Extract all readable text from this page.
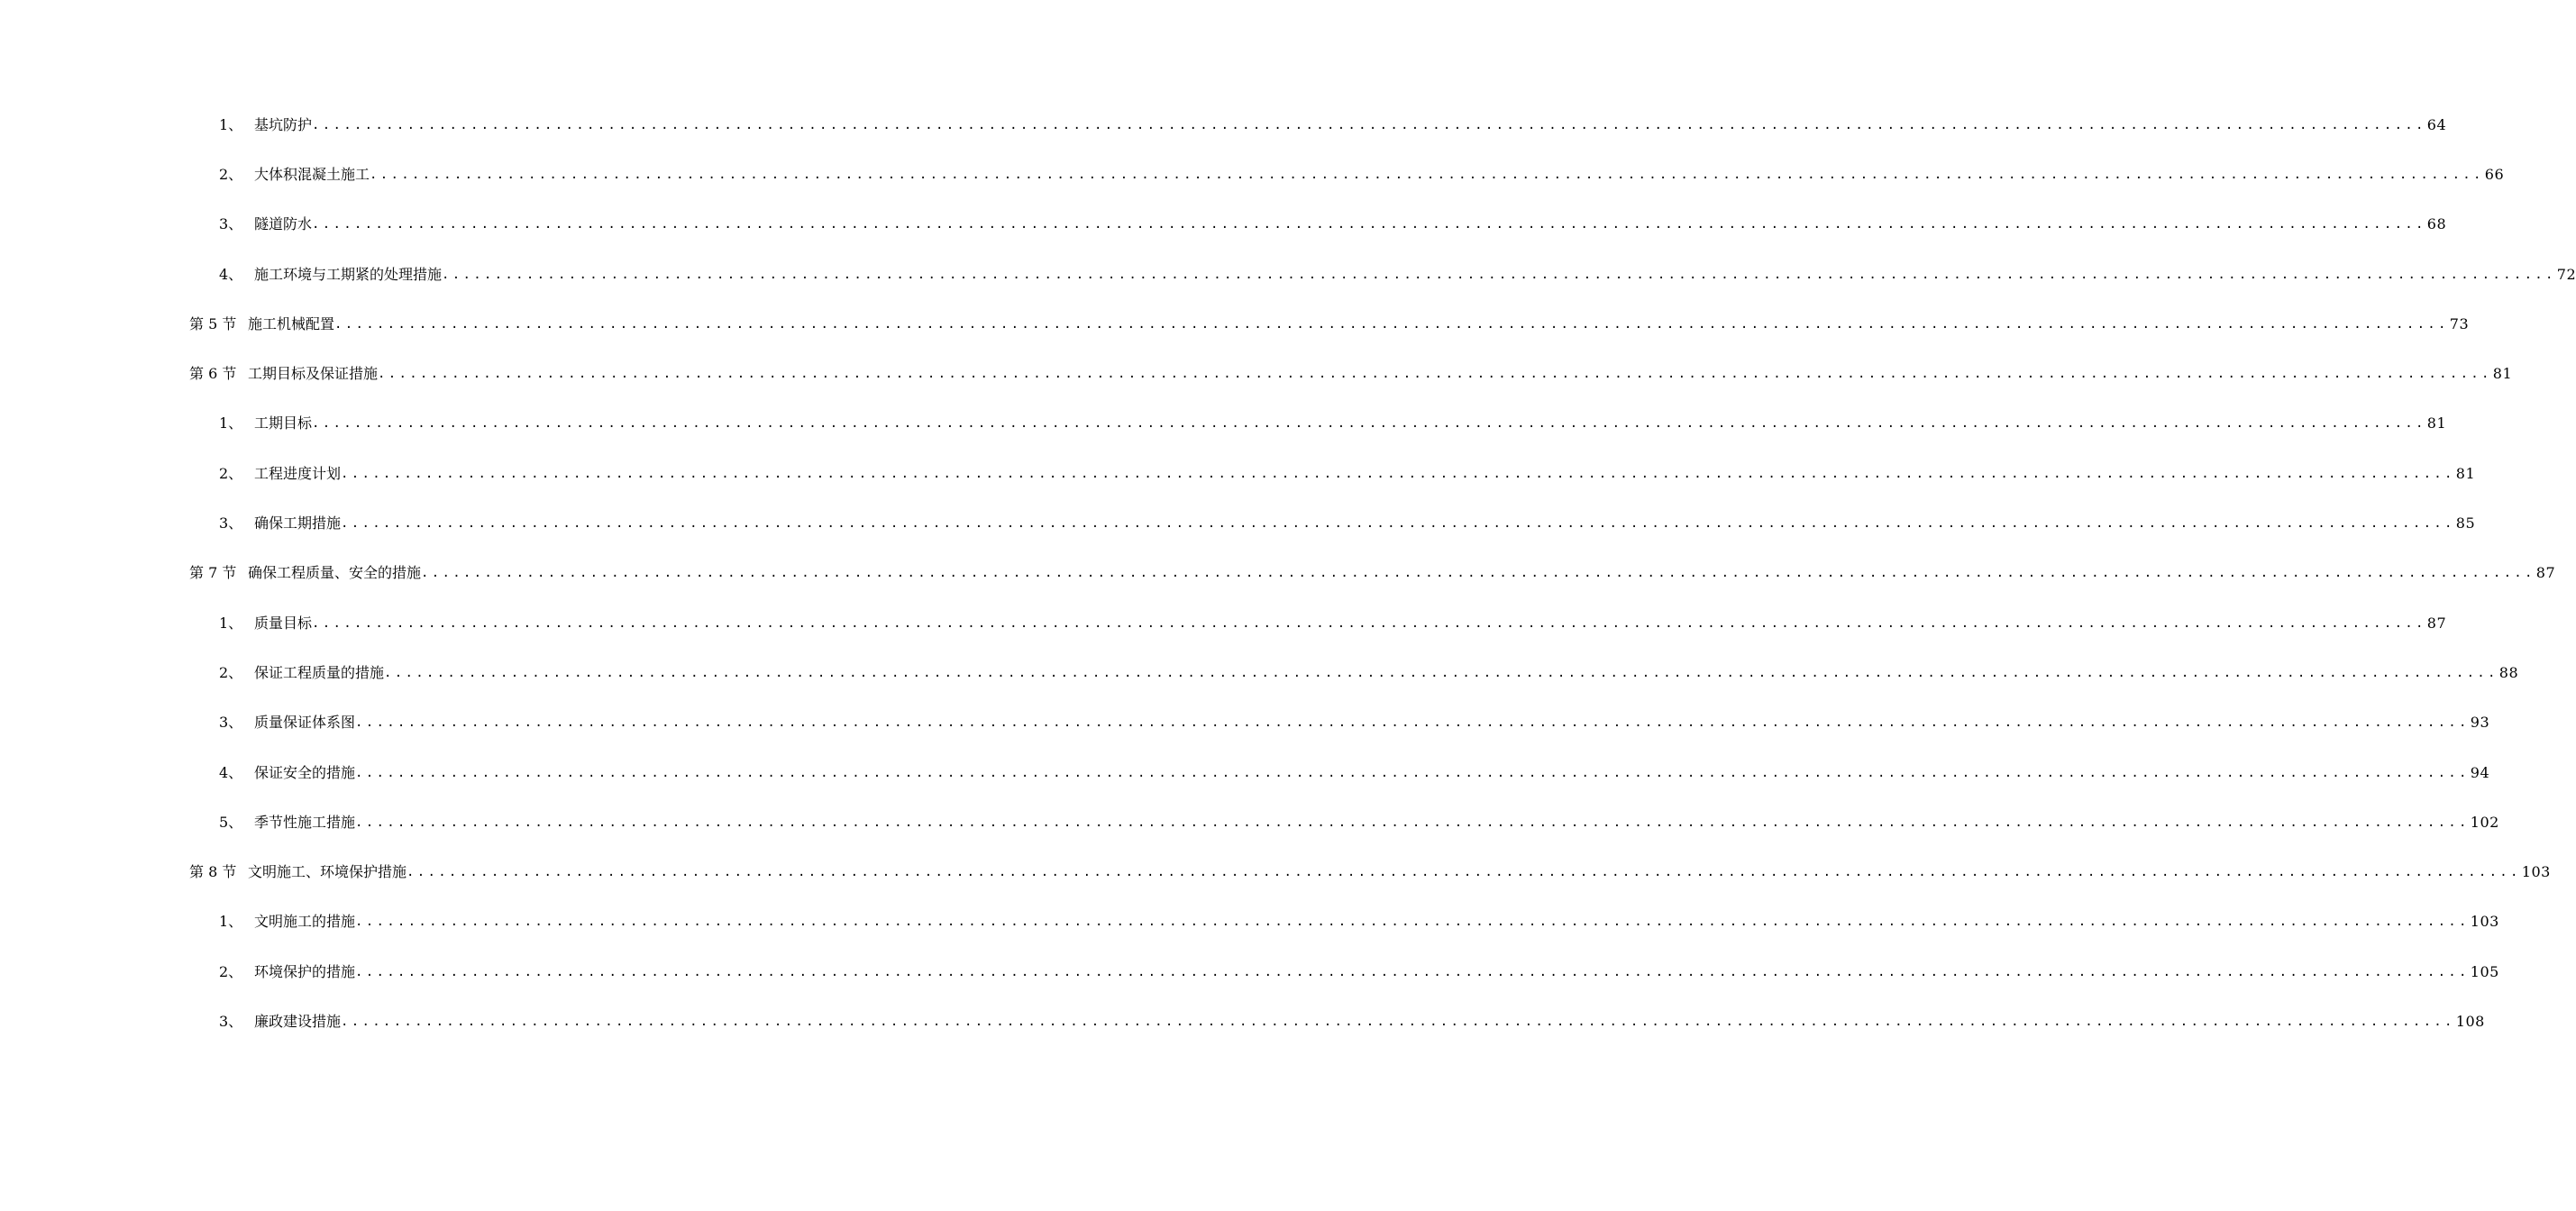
1、 基坑防护 ........................................................................................................................................................................................................ 64
2、 大体积混凝土施工 ........................................................................................................................................................................................................ 66
3、 隧道防水 ........................................................................................................................................................................................................ 68
4、 施工环境与工期紧的处理措施 ........................................................................................................................................................................................................ 72
第 5 节 施工机械配置 ........................................................................................................................................................................................................ 73
第 6 节 工期目标及保证措施 ........................................................................................................................................................................................................ 81
1、 工期目标 ........................................................................................................................................................................................................ 81
2、 工程进度计划 ........................................................................................................................................................................................................ 81
3、 确保工期措施 ........................................................................................................................................................................................................ 85
第 7 节 确保工程质量、安全的措施 ........................................................................................................................................................................................................ 87
1、 质量目标 ........................................................................................................................................................................................................ 87
2、 保证工程质量的措施 ........................................................................................................................................................................................................ 88
3、 质量保证体系图 ........................................................................................................................................................................................................ 93
4、 保证安全的措施 ........................................................................................................................................................................................................ 94
5、 季节性施工措施 ........................................................................................................................................................................................................ 102
第 8 节 文明施工、环境保护措施 ........................................................................................................................................................................................................ 103
1、 文明施工的措施 ........................................................................................................................................................................................................ 103
2、 环境保护的措施 ........................................................................................................................................................................................................ 105
3、 廉政建设措施 ........................................................................................................................................................................................................ 108
